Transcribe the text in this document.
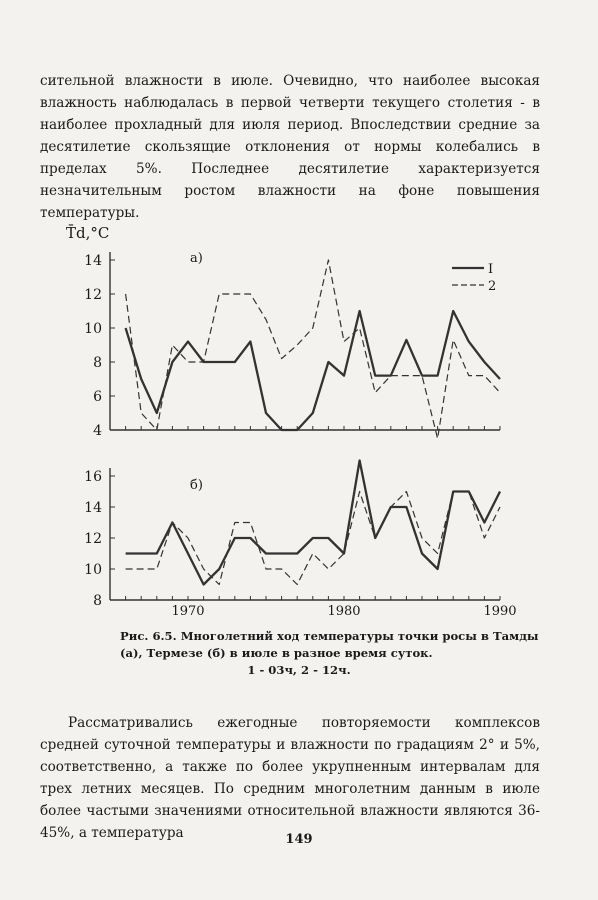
сительной влажности в июле. Очевидно, что наиболее высокая влажность наблюдалась в первой четверти текущего столетия - в наиболее прохладный для июля период. Впоследствии средние за десятилетие скользящие отклонения от нормы колебались в пределах 5%. Последнее десятилетие характеризуется незначительным ростом влажности на фоне повышения температуры.

4
6
8
10
12
14	а)
T̄d,°C
I
2
8
10
12
14
16
1970	1980	1990
б)
Рис. 6.5. Многолетний ход температуры точки росы в Тамды (а), Термезе (б) в июле в разное время суток.
1 - 03ч, 2 - 12ч.

Рассматривались ежегодные повторяемости комплексов средней суточной температуры и влажности по градациям 2° и 5%, соответственно, а также по более укрупненным интервалам для трех летних месяцев. По средним многолетним данным в июле более частыми значениями относительной влажности являются 36-45%, а температура	149
